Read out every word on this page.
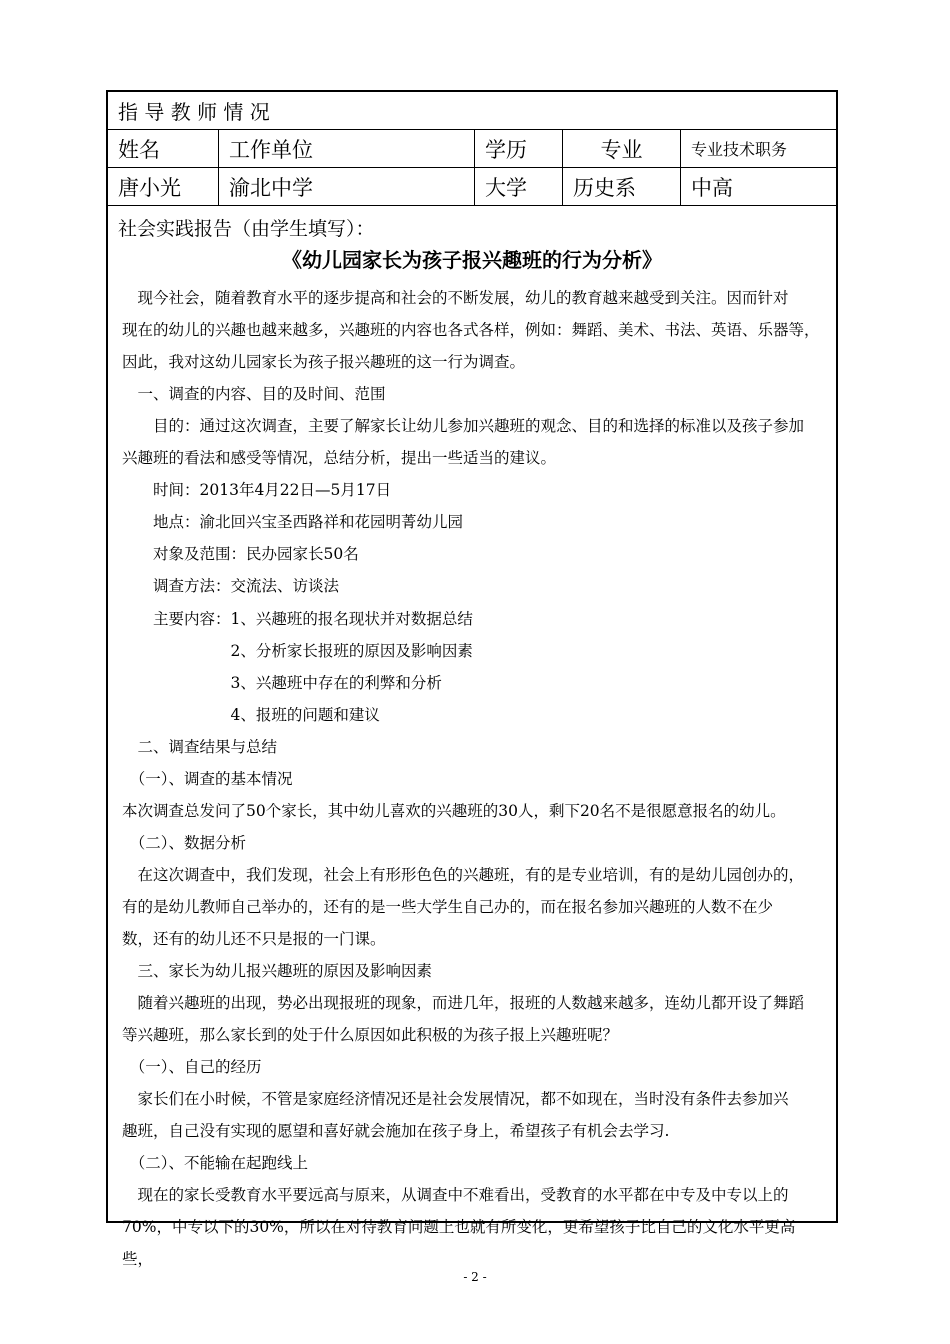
指 导 教 师 情 况
姓名	工作单位	学历	专业	专业技术职务
唐小光	渝北中学	大学	历史系	中高
社会实践报告（由学生填写）：
《幼儿园家长为孩子报兴趣班的行为分析》
　现今社会，随着教育水平的逐步提高和社会的不断发展，幼儿的教育越来越受到关注。因而针对
现在的幼儿的兴趣也越来越多，兴趣班的内容也各式各样，例如：舞蹈、美术、书法、英语、乐器等，
因此，我对这幼儿园家长为孩子报兴趣班的这一行为调查。
　一、调查的内容、目的及时间、范围
　　目的：通过这次调查，主要了解家长让幼儿参加兴趣班的观念、目的和选择的标准以及孩子参加
兴趣班的看法和感受等情况，总结分析，提出一些适当的建议。
　　时间：2013年4月22日—5月17日
　　地点：渝北回兴宝圣西路祥和花园明菁幼儿园
　　对象及范围：民办园家长50名
　　调查方法：交流法、访谈法
　　主要内容：1、兴趣班的报名现状并对数据总结
　　　　　　　2、分析家长报班的原因及影响因素
　　　　　　　3、兴趣班中存在的利弊和分析
　　　　　　　4、报班的问题和建议
　二、调查结果与总结
　（一）、调查的基本情况
本次调查总发问了50个家长，其中幼儿喜欢的兴趣班的30人，剩下20名不是很愿意报名的幼儿。
　（二）、数据分析
　在这次调查中，我们发现，社会上有形形色色的兴趣班，有的是专业培训，有的是幼儿园创办的，
有的是幼儿教师自己举办的，还有的是一些大学生自己办的，而在报名参加兴趣班的人数不在少
数，还有的幼儿还不只是报的一门课。
　三、家长为幼儿报兴趣班的原因及影响因素
　随着兴趣班的出现，势必出现报班的现象，而进几年，报班的人数越来越多，连幼儿都开设了舞蹈
等兴趣班，那么家长到的处于什么原因如此积极的为孩子报上兴趣班呢？
　（一）、自己的经历
　家长们在小时候，不管是家庭经济情况还是社会发展情况，都不如现在，当时没有条件去参加兴
趣班，自己没有实现的愿望和喜好就会施加在孩子身上，希望孩子有机会去学习.
　（二）、不能输在起跑线上
　现在的家长受教育水平要远高与原来，从调查中不难看出，受教育的水平都在中专及中专以上的
70%，中专以下的30%，所以在对待教育问题上也就有所变化，更希望孩子比自己的文化水平更高些，
- 2 -
